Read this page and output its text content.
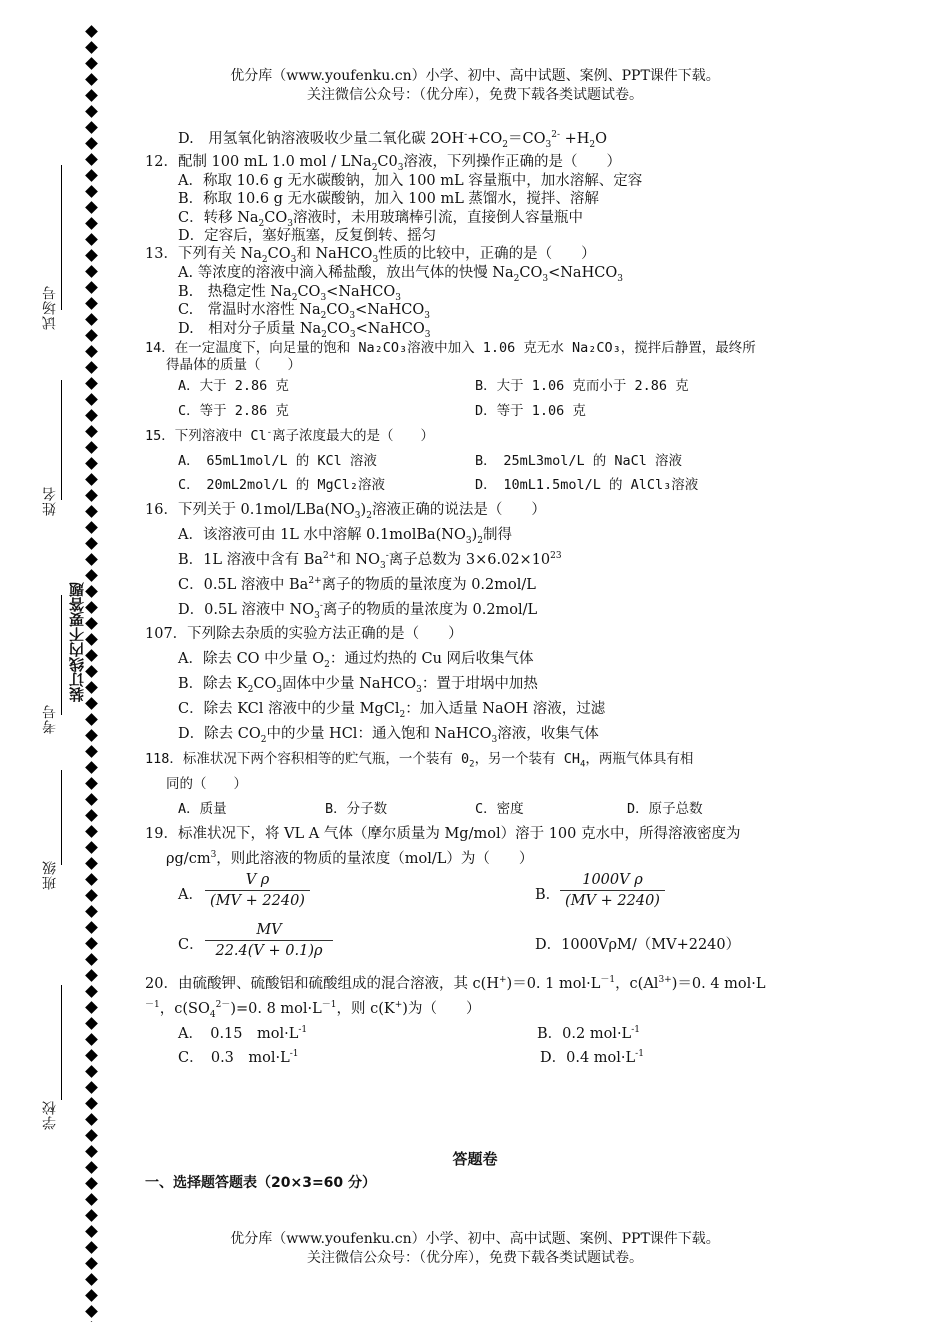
试场号
姓名
考号
班级
学校
装订线内不要答题
优分库（www.youfenku.cn）小学、初中、高中试题、案例、PPT课件下载。
关注微信公众号：（优分库），免费下载各类试题试卷。
D.　用氢氧化钠溶液吸收少量二氧化碳 $2OH^-+CO_2=CO_3^{2-} +H_2O$
12．配制 100 mL 1.0 mol / $LNa_2C0_3$溶液，下列操作正确的是（　　）
A．称取 10.6 g 无水碳酸钠，加入 100 mL 容量瓶中，加水溶解、定容
B．称取 10.6 g 无水碳酸钠，加入 100 mL 蒸馏水，搅拌、溶解
C．转移 $Na_2CO_3$溶液时，未用玻璃棒引流，直接倒人容量瓶中
D．定容后，塞好瓶塞，反复倒转、摇匀
13．下列有关 $Na_2CO_3$和 NaHCO$_3$性质的比较中，正确的是（　　）
A. 等浓度的溶液中滴入稀盐酸，放出气体的快慢 $Na_2CO_3<NaHCO_3$
B.　热稳定性 $Na_2CO_3<NaHCO_3$
C.　常温时水溶性 $Na_2CO_3<NaHCO_3$
D.　相对分子质量 $Na_2CO_3<NaHCO_3$
14．在一定温度下，向足量的饱和 Na₂CO₃溶液中加入 1.06 克无水 Na₂CO₃，搅拌后静置，最终所
得晶体的质量（　　）
A．大于 2.86 克	B．大于 1.06 克而小于 2.86 克
C．等于 2.86 克	D．等于 1.06 克
15．下列溶液中 Cl-离子浓度最大的是（　　）
A．　65mL1mol/L 的 KCl 溶液	B．　25mL3mol/L 的 NaCl 溶液
C．　20mL2mol/L 的 MgCl₂溶液	D．　10mL1.5mol/L 的 AlCl₃溶液
16．下列关于 $0.1mol/LBa(NO_3)_2$溶液正确的说法是（　　）
A．该溶液可由 1L 水中溶解 $0.1molBa(NO_3)_2$制得
B．1L 溶液中含有 $Ba^{2+}$和 $NO_3^-$离子总数为 $3\times 6.02\times 10^{23}$
C．0.5L 溶液中 $Ba^{2+}$离子的物质的量浓度为 0.2mol/L
D．0.5L 溶液中 $NO_3^-$离子的物质的量浓度为 0.2mol/L
107．下列除去杂质的实验方法正确的是（　　）
A．除去 CO 中少量 $O_2$：通过灼热的 Cu 网后收集气体
B．除去 $K_2CO_3$固体中少量 NaHCO$_3$：置于坩埚中加热
C．除去 KCl 溶液中的少量 MgCl$_2$：加入适量 NaOH 溶液，过滤
D．除去 $CO_2$中的少量 HCl：通入饱和 NaHCO$_3$溶液，收集气体
118．标准状况下两个容积相等的贮气瓶，一个装有 $0_2$，另一个装有 $CH_4$，两瓶气体具有相
同的（　　）
A．质量	B．分子数	C．密度	D．原子总数
19．标准状况下，将 VL A 气体（摩尔质量为 Mg/mol）溶于 100 克水中，所得溶液密度为
$\rho g/cm^3$，则此溶液的物质的量浓度（mol/L）为（　　）
A． $\frac{\text{V ρ}}{(MV + 2240)}$	B． $\frac{\text{1000V ρ}}{(MV + 2240)}$
C． $\frac{MV}{22.4(V + 0.1)\rho}$	D．1000VρM/（MV+2240）
20．由硫酸钾、硫酸铝和硫酸组成的混合溶液，其 c(H+)＝0. 1 $mol\cdot L^{-1}$，$c(Al^{3+})=0$. 4 mol·L
$^{-1}$，$c(SO_4^{2-})=0$. 8 $mol\cdot L^{-1}$，则 c(K+)为（　　）
A．　0.15　$mol\cdot L^{-1}$	B．0.2 $mol\cdot L^{-1}$
C．　0.3　$mol\cdot L^{-1}$	D．0.4 $mol\cdot L^{-1}$
答题卷
一、选择题答题表（20×3=60 分）
优分库（www.youfenku.cn）小学、初中、高中试题、案例、PPT课件下载。
关注微信公众号：（优分库），免费下载各类试题试卷。
